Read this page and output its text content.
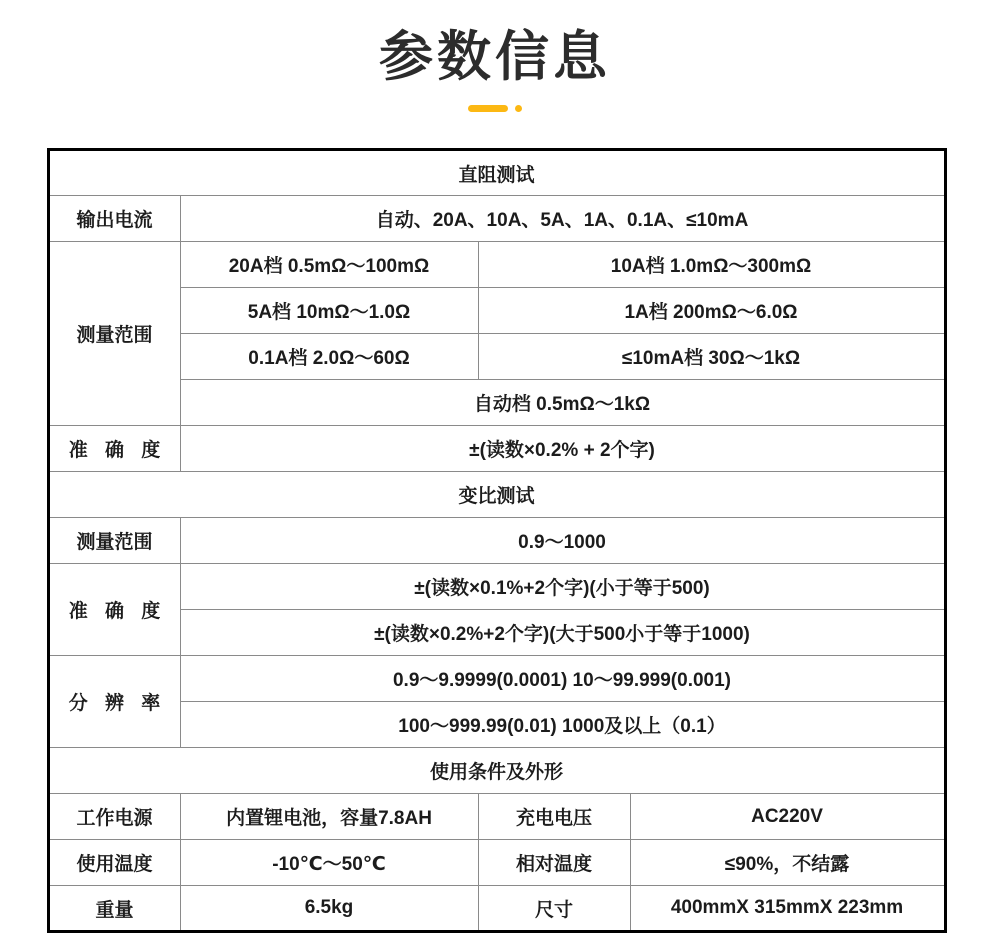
参数信息
直阻测试			
输出电流	自动、20A、10A、5A、1A、0.1A、≤10mA		
测量范围	20A档 0.5mΩ～100mΩ	10A档 1.0mΩ～300mΩ	
	5A档 10mΩ～1.0Ω	1A档 200mΩ～6.0Ω	
	0.1A档 2.0Ω～60Ω	≤10mA档 30Ω～1kΩ	
	自动档 0.5mΩ～1kΩ		
准 确 度	±(读数×0.2% + 2个字)		
变比测试			
测量范围	0.9～1000		
准 确 度	±(读数×0.1%+2个字)(小于等于500)		
	±(读数×0.2%+2个字)(大于500小于等于1000)		
分 辨 率	0.9～9.9999(0.0001) 10～99.999(0.001)		
	100～999.99(0.01) 1000及以上（0.1）		
使用条件及外形			
工作电源	内置锂电池，容量7.8AH	充电电压	AC220V
使用温度	-10℃～50℃	相对温度	≤90%，不结露
重量	6.5kg	尺寸	400mmX 315mmX 223mm
